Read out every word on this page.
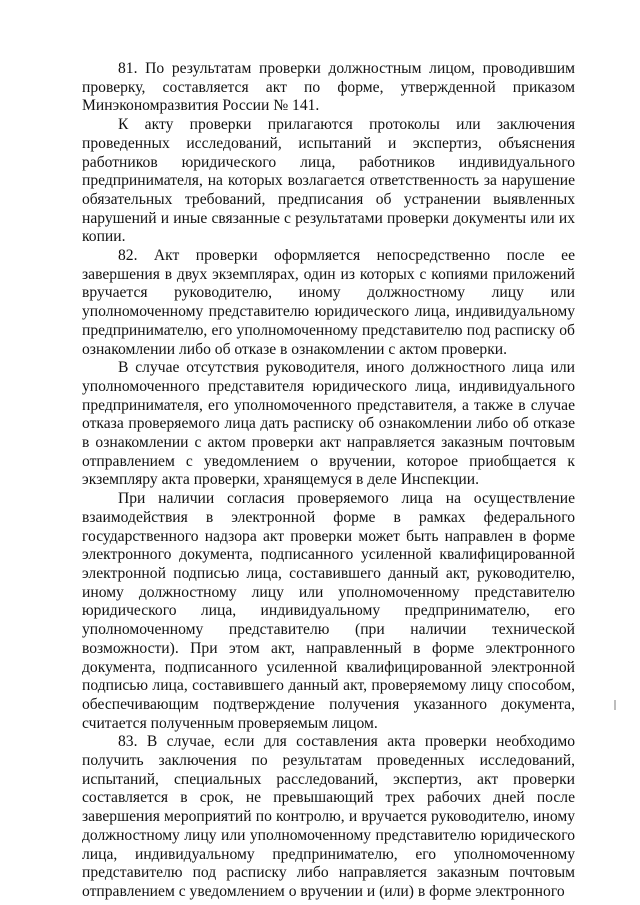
81. По результатам проверки должностным лицом, проводившим проверку, составляется акт по форме, утвержденной приказом Минэкономразвития России № 141.

К акту проверки прилагаются протоколы или заключения проведенных исследований, испытаний и экспертиз, объяснения работников юридического лица, работников индивидуального предпринимателя, на которых возлагается ответственность за нарушение обязательных требований, предписания об устранении выявленных нарушений и иные связанные с результатами проверки документы или их копии.

82. Акт проверки оформляется непосредственно после ее завершения в двух экземплярах, один из которых с копиями приложений вручается руководителю, иному должностному лицу или уполномоченному представителю юридического лица, индивидуальному предпринимателю, его уполномоченному представителю под расписку об ознакомлении либо об отказе в ознакомлении с актом проверки.

В случае отсутствия руководителя, иного должностного лица или уполномоченного представителя юридического лица, индивидуального предпринимателя, его уполномоченного представителя, а также в случае отказа проверяемого лица дать расписку об ознакомлении либо об отказе в ознакомлении с актом проверки акт направляется заказным почтовым отправлением с уведомлением о вручении, которое приобщается к экземпляру акта проверки, хранящемуся в деле Инспекции.

При наличии согласия проверяемого лица на осуществление взаимодействия в электронной форме в рамках федерального государственного надзора акт проверки может быть направлен в форме электронного документа, подписанного усиленной квалифицированной электронной подписью лица, составившего данный акт, руководителю, иному должностному лицу или уполномоченному представителю юридического лица, индивидуальному предпринимателю, его уполномоченному представителю (при наличии технической возможности). При этом акт, направленный в форме электронного документа, подписанного усиленной квалифицированной электронной подписью лица, составившего данный акт, проверяемому лицу способом, обеспечивающим подтверждение получения указанного документа, считается полученным проверяемым лицом.

83. В случае, если для составления акта проверки необходимо получить заключения по результатам проведенных исследований, испытаний, специальных расследований, экспертиз, акт проверки составляется в срок, не превышающий трех рабочих дней после завершения мероприятий по контролю, и вручается руководителю, иному должностному лицу или уполномоченному представителю юридического лица, индивидуальному предпринимателю, его уполномоченному представителю под расписку либо направляется заказным почтовым отправлением с уведомлением о вручении и (или) в форме электронного
